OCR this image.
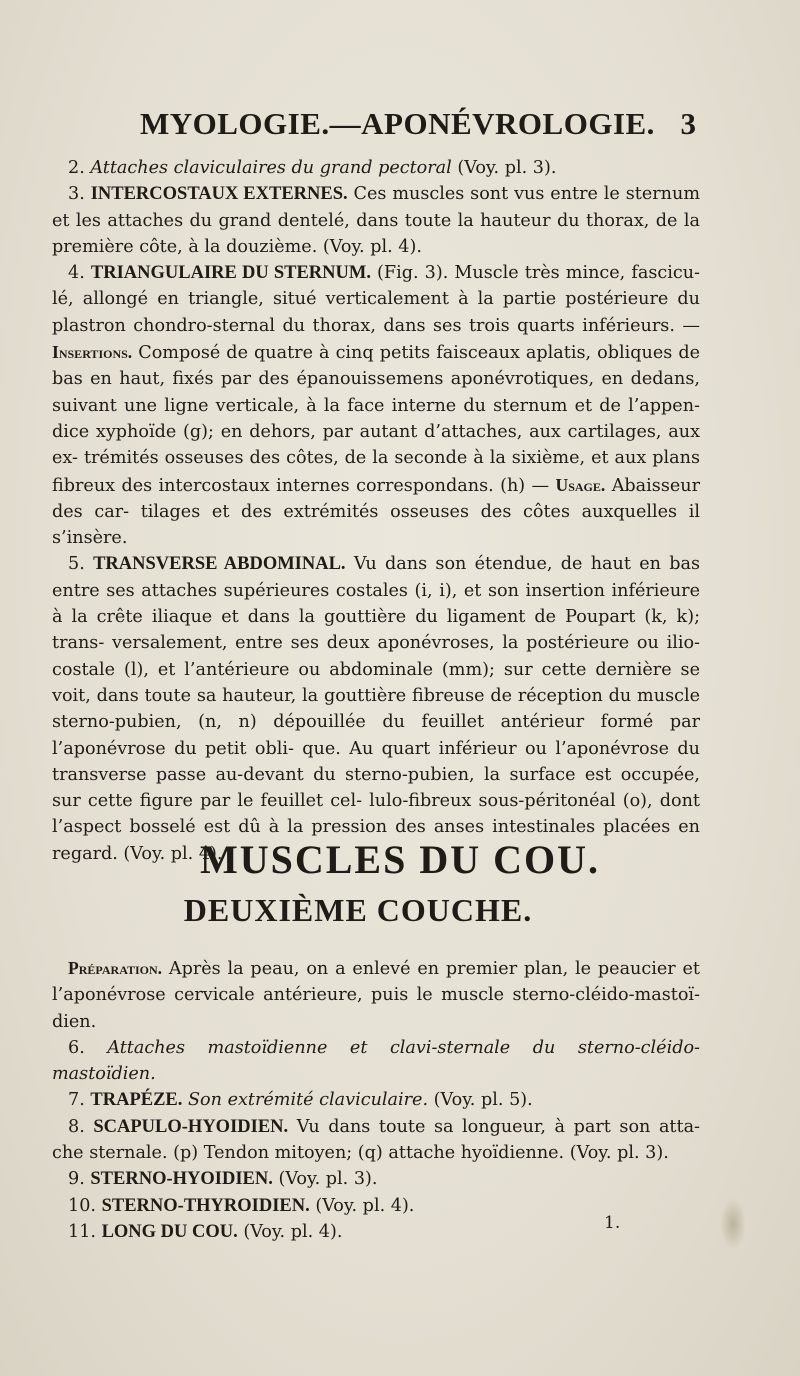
MYOLOGIE.—APONÉVROLOGIE. 3

2. Attaches claviculaires du grand pectoral (Voy. pl. 3).

3. INTERCOSTAUX EXTERNES. Ces muscles sont vus entre le sternum et les attaches du grand dentelé, dans toute la hauteur du thorax, de la première côte, à la douzième. (Voy. pl. 4).

4. TRIANGULAIRE DU STERNUM. (Fig. 3). Muscle très mince, fascicu- lé, allongé en triangle, situé verticalement à la partie postérieure du plastron chondro-sternal du thorax, dans ses trois quarts inférieurs. — Insertions. Composé de quatre à cinq petits faisceaux aplatis, obliques de bas en haut, fixés par des épanouissemens aponévrotiques, en dedans, suivant une ligne verticale, à la face interne du sternum et de l’appen- dice xyphoïde (g); en dehors, par autant d’attaches, aux cartilages, aux ex- trémités osseuses des côtes, de la seconde à la sixième, et aux plans fibreux des intercostaux internes correspondans. (h) — Usage. Abaisseur des car- tilages et des extrémités osseuses des côtes auxquelles il s’insère.

5. TRANSVERSE ABDOMINAL. Vu dans son étendue, de haut en bas entre ses attaches supérieures costales (i, i), et son insertion inférieure à la crête iliaque et dans la gouttière du ligament de Poupart (k, k); trans- versalement, entre ses deux aponévroses, la postérieure ou ilio-costale (l), et l’antérieure ou abdominale (mm); sur cette dernière se voit, dans toute sa hauteur, la gouttière fibreuse de réception du muscle sterno-pubien, (n, n) dépouillée du feuillet antérieur formé par l’aponévrose du petit obli- que. Au quart inférieur ou l’aponévrose du transverse passe au-devant du sterno-pubien, la surface est occupée, sur cette figure par le feuillet cel- lulo-fibreux sous-péritonéal (o), dont l’aspect bosselé est dû à la pression des anses intestinales placées en regard. (Voy. pl. 4).

MUSCLES DU COU.
DEUXIÈME COUCHE.

Préparation. Après la peau, on a enlevé en premier plan, le peaucier et l’aponévrose cervicale antérieure, puis le muscle sterno-cléido-mastoï- dien.

6. Attaches mastoïdienne et clavi-sternale du sterno-cléido-mastoïdien.

7. TRAPÉZE. Son extrémité claviculaire. (Voy. pl. 5).

8. SCAPULO-HYOIDIEN. Vu dans toute sa longueur, à part son atta- che sternale. (p) Tendon mitoyen; (q) attache hyoïdienne. (Voy. pl. 3).

9. STERNO-HYOIDIEN. (Voy. pl. 3).

10. STERNO-THYROIDIEN. (Voy. pl. 4).

11. LONG DU COU. (Voy. pl. 4).	1.
